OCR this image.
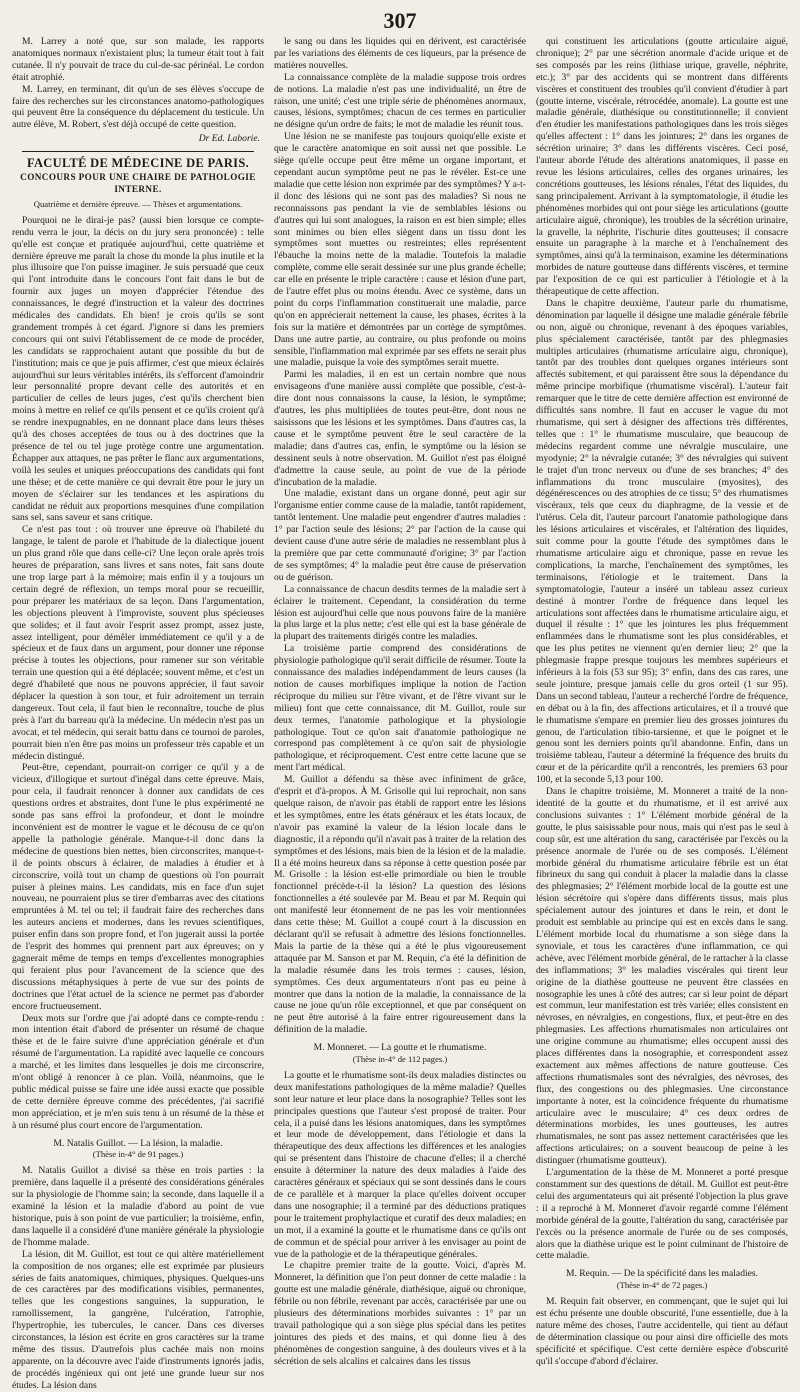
307

M. Larrey a noté que, sur son malade, les rapports anatomiques normaux n'existaient plus; la tumeur était tout à fait cutanée. Il n'y pouvait de trace du cul-de-sac périnéal. Le cordon était atrophié.

M. Larrey, en terminant, dit qu'un de ses élèves s'occupe de faire des recherches sur les circonstances anatomo-pathologiques qui peuvent être la conséquence du déplacement du testicule. Un autre élève, M. Robert, s'est déjà occupé de cette question.

Dr Ed. Laborie.
FACULTÉ DE MÉDECINE DE PARIS.
CONCOURS POUR UNE CHAIRE DE PATHOLOGIE INTERNE.
Quatrième et dernière épreuve. — Thèses et argumentations.

Pourquoi ne le dirai-je pas? (aussi bien lorsque ce compte-rendu verra le jour, la décis on du jury sera prononcée) : telle qu'elle est conçue et pratiquée aujourd'hui, cette quatrième et dernière épreuve me paraît la chose du monde la plus inutile et la plus illusoire que l'on puisse imaginer. Je suis persuadé que ceux qui l'ont introduite dans le concours l'ont fait dans le but de fournir aux juges un moyen d'apprécier l'étendue des connaissances, le degré d'instruction et la valeur des doctrines médicales des candidats. Eh bien! je crois qu'ils se sont grandement trompés à cet égard. J'ignore si dans les premiers concours qui ont suivi l'établissement de ce mode de procéder, les candidats se rapprochaient autant que possible du but de l'institution; mais ce que je puis affirmer, c'est que mieux éclairés aujourd'hui sur leurs véritables intérêts, ils s'efforcent d'amoindrir leur personnalité propre devant celle des autorités et en particulier de celles de leurs juges, c'est qu'ils cherchent bien moins à mettre en relief ce qu'ils pensent et ce qu'ils croient qu'à se rendre inexpugnables, en ne donnant place dans leurs thèses qu'à des choses acceptées de tous ou à des doctrines que la présence de tel ou tel juge protège contre une argumentation. Échapper aux attaques, ne pas prêter le flanc aux argumentations, voilà les seules et uniques préoccupations des candidats qui font une thèse; et de cette manière ce qui devrait être pour le jury un moyen de s'éclairer sur les tendances et les aspirations du candidat ne réduit aux proportions mesquines d'une compilation sans sel, sans saveur et sans critique.

Ce n'est pas tout : où trouver une épreuve où l'habileté du langage, le talent de parole et l'habitude de la dialectique jouent un plus grand rôle que dans celle-ci? Une leçon orale après trois heures de préparation, sans livres et sans notes, fait sans doute une trop large part à la mémoire; mais enfin il y a toujours un certain degré de réflexion, un temps moral pour se recueillir, pour préparer les matériaux de sa leçon. Dans l'argumentation, les objections pleuvent à l'improviste, souvent plus spécieuses que solides; et il faut avoir l'esprit assez prompt, assez juste, assez intelligent, pour démêler immédiatement ce qu'il y a de spécieux et de faux dans un argument, pour donner une réponse précise à toutes les objections, pour ramener sur son véritable terrain une question qui a été déplacée; souvent même, et c'est un degré d'habileté que nous ne pouvons apprécier, il faut savoir déplacer la question à son tour, et fuir adroitement un terrain dangereux. Tout cela, il faut bien le reconnaître, touche de plus près à l'art du barreau qu'à la médecine. Un médecin n'est pas un avocat, et tel médecin, qui serait battu dans ce tournoi de paroles, pourrait bien n'en être pas moins un professeur très capable et un médecin distingué.

Peut-être, cependant, pourrait-on corriger ce qu'il y a de vicieux, d'illogique et surtout d'inégal dans cette épreuve. Mais, pour cela, il faudrait renoncer à donner aux candidats de ces questions ordres et abstraites, dont l'une le plus expérimenté ne sonde pas sans effroi la profondeur, et dont le moindre inconvénient est de montrer le vague et le décousu de ce qu'on appelle la pathologie générale. Manque-t-il donc dans la médecine de questions bien nettes, bien circonscrites, manque-t-il de points obscurs à éclairer, de maladies à étudier et à circonscrire, voilà tout un champ de questions où l'on pourrait puiser à pleines mains. Les candidats, mis en face d'un sujet nouveau, ne pourraient plus se tirer d'embarras avec des citations empruntées à M. tel ou tel; il faudrait faire des recherches dans les auteurs anciens et modernes, dans les revues scientifiques, puiser enfin dans son propre fond, et l'on jugerait aussi la portée de l'esprit des hommes qui prennent part aux épreuves; on y gagnerait même de temps en temps d'excellentes monographies qui feraient plus pour l'avancement de la science que des discussions métaphysiques à perte de vue sur des points de doctrines que l'état actuel de la science ne permet pas d'aborder encore fructueusement.

Deux mots sur l'ordre que j'ai adopté dans ce compte-rendu : mon intention était d'abord de présenter un résumé de chaque thèse et de le faire suivre d'une appréciation générale et d'un résumé de l'argumentation. La rapidité avec laquelle ce concours a marché, et les limites dans lesquelles je dois me circonscrire, m'ont obligé à renoncer à ce plan. Voilà, néanmoins, que le public médical puisse se faire une idée aussi exacte que possible de cette dernière épreuve comme des précédentes, j'ai sacrifié mon appréciation, et je m'en suis tenu à un résumé de la thèse et à un résumé plus court encore de l'argumentation.

M. Natalis Guillot. — La lésion, la maladie.
(Thèse in-4° de 91 pages.)

M. Natalis Guillot a divisé sa thèse en trois parties : la première, dans laquelle il a présenté des considérations générales sur la physiologie de l'homme sain; la seconde, dans laquelle il a examiné la lésion et la maladie d'abord au point de vue historique, puis à son point de vue particulier; la troisième, enfin, dans laquelle il a considéré d'une manière générale la physiologie de l'homme malade.

La lésion, dit M. Guillot, est tout ce qui altère matériellement la composition de nos organes; elle est exprimée par plusieurs séries de faits anatomiques, chimiques, physiques. Quelques-uns de ces caractères par des modifications visibles, permanentes, telles que les congestions sanguines, la suppuration, le ramollissement, la gangrène, l'ulcération, l'atrophie, l'hypertrophie, les tubercules, le cancer. Dans ces diverses circonstances, la lésion est écrite en gros caractères sur la trame même des tissus. D'autrefois plus cachée mais non moins apparente, on la découvre avec l'aide d'instruments ignorés jadis, de procédés ingénieux qui ont jeté une grande lueur sur nos études. La lésion dans

le sang ou dans les liquides qui en dérivent, est caractérisée par les variations des éléments de ces liqueurs, par la présence de matières nouvelles.

La connaissance complète de la maladie suppose trois ordres de notions. La maladie n'est pas une individualité, un être de raison, une unité; c'est une triple série de phénomènes anormaux, causes, lésions, symptômes; chacun de ces termes en particulier ne désigne qu'un ordre de faits; le mot de maladie les réunit tous.

Une lésion ne se manifeste pas toujours quoiqu'elle existe et que le caractère anatomique en soit aussi net que possible. Le siège qu'elle occupe peut être même un organe important, et cependant aucun symptôme peut ne pas le révéler. Est-ce une maladie que cette lésion non exprimée par des symptômes? Y a-t-il donc des lésions qui ne sont pas des maladies? Si nous ne reconnaissons pas pendant la vie de semblables lésions ou d'autres qui lui sont analogues, la raison en est bien simple; elles sont minimes ou bien elles siègent dans un tissu dont les symptômes sont muettes ou restreintes; elles représentent l'ébauche la moins nette de la maladie. Toutefois la maladie complète, comme elle serait dessinée sur une plus grande échelle; car elle en présente le triple caractère : cause et lésion d'une part, de l'autre effet plus ou moins étendu. Avec ce système, dans un point du corps l'inflammation constituerait une maladie, parce qu'on en apprécierait nettement la cause, les phases, écrites à la fois sur la matière et démontrées par un cortège de symptômes. Dans une autre partie, au contraire, ou plus profonde ou moins sensible, l'inflammation mal exprimée par ses effets ne serait plus une maladie, puisque la voie des symptômes serait muette.

Parmi les maladies, il en est un certain nombre que nous envisageons d'une manière aussi complète que possible, c'est-à-dire dont nous connaissons la cause, la lésion, le symptôme; d'autres, les plus multipliées de toutes peut-être, dont nous ne saisissons que les lésions et les symptômes. Dans d'autres cas, la cause et le symptôme peuvent être le seul caractère de la maladie; dans d'autres cas, enfin, le symptôme ou la lésion se dessinent seuls à notre observation. M. Guillot n'est pas éloigné d'admettre la cause seule, au point de vue de la période d'incubation de la maladie.

Une maladie, existant dans un organe donné, peut agir sur l'organisme entier comme cause de la maladie, tantôt rapidement, tantôt lentement. Une maladie peut engendrer d'autres maladies : 1° par l'action seule des lésions; 2° par l'action de la cause qui devient cause d'une autre série de maladies ne ressemblant plus à la première que par cette communauté d'origine; 3° par l'action de ses symptômes; 4° la maladie peut être cause de préservation ou de guérison.

La connaissance de chacun desdits termes de la maladie sert à éclairer le traitement. Cependant, la considération du terme lésion est aujourd'hui celle que nous pouvons faire de la manière la plus large et la plus nette; c'est elle qui est la base générale de la plupart des traitements dirigés contre les maladies.

La troisième partie comprend des considérations de physiologie pathologique qu'il serait difficile de résumer. Toute la connaissance des maladies indépendamment de leurs causes (la notion de causes morbifiques implique la notion de l'action réciproque du milieu sur l'être vivant, et de l'être vivant sur le milieu) font que cette connaissance, dit M. Guillot, roule sur deux termes, l'anatomie pathologique et la physiologie pathologique. Tout ce qu'on sait d'anatomie pathologique ne correspond pas complètement à ce qu'on sait de physiologie pathologique, et réciproquement. C'est entre cette lacune que se ment l'art médical.

M. Guillot a défendu sa thèse avec infiniment de grâce, d'esprit et d'à-propos. À M. Grisolle qui lui reprochait, non sans quelque raison, de n'avoir pas établi de rapport entre les lésions et les symptômes, entre les états généraux et les états locaux, de n'avoir pas examiné la valeur de la lésion locale dans le diagnostic, il a répondu qu'il n'avait pas à traiter de la relation des symptômes et des lésions, mais bien de la lésion et de la maladie. Il a été moins heureux dans sa réponse à cette question posée par M. Grisolle : la lésion est-elle primordiale ou bien le trouble fonctionnel précède-t-il la lésion? La question des lésions fonctionnelles a été soulevée par M. Beau et par M. Requin qui ont manifesté leur étonnement de ne pas les voir mentionnées dans cette thèse; M. Guillot a coupé court à la discussion en déclarant qu'il se refusait à admettre des lésions fonctionnelles. Mais la partie de la thèse qui a été le plus vigoureusement attaquée par M. Sanson et par M. Requin, c'a été la définition de la maladie résumée dans les trois termes : causes, lésion, symptômes. Ces deux argumentateurs n'ont pas eu peine à montrer que dans la notion de la maladie, la connaissance de la cause ne joue qu'un rôle exceptionnel, et que par conséquent on ne peut être autorisé à la faire entrer rigoureusement dans la définition de la maladie.

M. Monneret. — La goutte et le rhumatisme.
(Thèse in-4° de 112 pages.)

La goutte et le rhumatisme sont-ils deux maladies distinctes ou deux manifestations pathologiques de la même maladie? Quelles sont leur nature et leur place dans la nosographie? Telles sont les principales questions que l'auteur s'est proposé de traiter. Pour cela, il a puisé dans les lésions anatomiques, dans les symptômes et leur mode de développement, dans l'étiologie et dans la thérapeutique des deux affections les différences et les analogies qui se présentent dans l'histoire de chacune d'elles; il a cherché ensuite à déterminer la nature des deux maladies à l'aide des caractères généraux et spéciaux qui se sont dessinés dans le cours de ce parallèle et à marquer la place qu'elles doivent occuper dans une nosographie; il a terminé par des déductions pratiques pour le traitement prophylactique et curatif des deux maladies; en un mot, il a examiné la goutte et le rhumatisme dans ce qu'ils ont de commun et de spécial pour arriver à les envisager au point de vue de la pathologie et de la thérapeutique générales.

Le chapitre premier traite de la goutte. Voici, d'après M. Monneret, la définition que l'on peut donner de cette maladie : la goutte est une maladie générale, diathésique, aiguë ou chronique, fébrile ou non fébrile, revenant par accès, caractérisée par une ou plusieurs des déterminations morbides suivantes : 1° par un travail pathologique qui a son siège plus spécial dans les petites jointures des pieds et des mains, et qui donne lieu à des phénomènes de congestion sanguine, à des douleurs vives et à la sécrétion de sels alcalins et calcaires dans les tissus

qui constituent les articulations (goutte articulaire aiguë, chronique); 2° par une sécrétion anormale d'acide urique et de ses composés par les reins (lithiase urique, gravelle, néphrite, etc.); 3° par des accidents qui se montrent dans différents viscères et constituent des troubles qu'il convient d'étudier à part (goutte interne, viscérale, rétrocédée, anomale). La goutte est une maladie générale, diathésique ou constitutionnelle; il convient d'en étudier les manifestations pathologiques dans les trois sièges qu'elles affectent : 1° dans les jointures; 2° dans les organes de sécrétion urinaire; 3° dans les différents viscères. Ceci posé, l'auteur aborde l'étude des altérations anatomiques, il passe en revue les lésions articulaires, celles des organes urinaires, les concrétions goutteuses, les lésions rénales, l'état des liquides, du sang principalement. Arrivant à la symptomatologie, il étudie les phénomènes morbides qui ont pour siège les articulations (goutte articulaire aiguë, chronique), les troubles de la sécrétion urinaire, la gravelle, la néphrite, l'ischurie dites goutteuses; il consacre ensuite un paragraphe à la marche et à l'enchaînement des symptômes, ainsi qu'à la terminaison, examine les déterminations morbides de nature goutteuse dans différents viscères, et termine par l'exposition de ce qui est particulier à l'étiologie et à la thérapeutique de cette affection.

Dans le chapitre deuxième, l'auteur parle du rhumatisme, dénomination par laquelle il désigne une maladie générale fébrile ou non, aiguë ou chronique, revenant à des époques variables, plus spécialement caractérisée, tantôt par des phlegmasies multiples articulaires (rhumatisme articulaire aigu, chronique), tantôt par des troubles dont quelques organes intérieurs sont affectés subitement, et qui paraissent être sous la dépendance du même principe morbifique (rhumatisme viscéral). L'auteur fait remarquer que le titre de cette dernière affection est environné de difficultés sans nombre. Il faut en accuser le vague du mot rhumatisme, qui sert à désigner des affections très différentes, telles que : 1° le rhumatisme musculaire, que beaucoup de médecins regardent comme une névralgie musculaire, une myodynie; 2° la névralgie cutanée; 3° des névralgies qui suivent le trajet d'un tronc nerveux ou d'une de ses branches; 4° des inflammations du tronc musculaire (myosites), des dégénérescences ou des atrophies de ce tissu; 5° des rhumatismes viscéraux, tels que ceux du diaphragme, de la vessie et de l'utérus. Cela dit, l'auteur parcourt l'anatomie pathologique dans les lésions articulaires et viscérales, et l'altération des liquides, suit comme pour la goutte l'étude des symptômes dans le rhumatisme articulaire aigu et chronique, passe en revue les complications, la marche, l'enchaînement des symptômes, les terminaisons, l'étiologie et le traitement. Dans la symptomatologie, l'auteur a inséré un tableau assez curieux destiné à montrer l'ordre de fréquence dans lequel les articulations sont affectées dans le rhumatisme articulaire aigu, et duquel il résulte : 1° que les jointures les plus fréquemment enflammées dans le rhumatisme sont les plus considérables, et que les plus petites ne viennent qu'en dernier lieu; 2° que la phlegmasie frappe presque toujours les membres supérieurs et inférieurs à la fois (53 sur 95); 3° enfin, dans des cas rares, une seule jointure, presque jamais celle du gros orteil (1 sur 95). Dans un second tableau, l'auteur a recherché l'ordre de fréquence, en débat ou à la fin, des affections articulaires, et il a trouvé que le rhumatisme s'empare en premier lieu des grosses jointures du genou, de l'articulation tibio-tarsienne, et que le poignet et le genou sont les derniers points qu'il abandonne. Enfin, dans un troisième tableau, l'auteur a déterminé la fréquence des bruits du cœur et de la péricardite qu'il a rencontrés, les premiers 63 pour 100, et la seconde 5,13 pour 100.

Dans le chapitre troisième, M. Monneret a traité de la non-identité de la goutte et du rhumatisme, et il est arrivé aux conclusions suivantes : 1° L'élément morbide général de la goutte, le plus saisissable pour nous, mais qui n'est pas le seul à coup sûr, est une altération du sang, caractérisée par l'excès ou la présence anormale de l'urée ou de ses composés. L'élément morbide général du rhumatisme articulaire fébrile est un état fibrineux du sang qui conduit à placer la maladie dans la classe des phlegmasies; 2° l'élément morbide local de la goutte est une lésion sécrétoire qui s'opère dans différents tissus, mais plus spécialement autour des jointures et dans le rein, et dont le produit est semblable au principe qui est en excès dans le sang. L'élément morbide local du rhumatisme a son siège dans la synoviale, et tous les caractères d'une inflammation, ce qui achève, avec l'élément morbide général, de le rattacher à la classe des inflammations; 3° les maladies viscérales qui tirent leur origine de la diathèse goutteuse ne peuvent être classées en nosographie les unes à côté des autres; car si leur point de départ est commun, leur manifestation est très variée; elles consistent en névroses, en névralgies, en congestions, flux, et peut-être en des phlegmasies. Les affections rhumatismales non articulaires ont une origine commune au rhumatisme; elles occupent aussi des places différentes dans la nosographie, et correspondent assez exactement aux mêmes affections de nature goutteuse. Ces affections rhumatismales sont des névralgies, des névroses, des flux, des congestions ou des phlegmasies. Une circonstance importante à noter, est la coïncidence fréquente du rhumatisme articulaire avec le musculaire; 4° ces deux ordres de déterminations morbides, les unes goutteuses, les autres rhumatismales, ne sont pas assez nettement caractérisées que les affections articulaires; on a souvent beaucoup de peine à les distinguer (rhumatisme goutteux).

L'argumentation de la thèse de M. Monneret a porté presque constamment sur des questions de détail. M. Guillot est peut-être celui des argumentateurs qui ait présenté l'objection la plus grave : il a reproché à M. Monneret d'avoir regardé comme l'élément morbide général de la goutte, l'altération du sang, caractérisée par l'excès ou la présence anormale de l'urée ou de ses composés, alors que la diathèse urique est le point culminant de l'histoire de cette maladie.

M. Requin. — De la spécificité dans les maladies.
(Thèse in-4° de 72 pages.)

M. Requin fait observer, en commençant, que le sujet qui lui est échu présente une double obscurité, l'une essentielle, due à la nature même des choses, l'autre accidentelle, qui tient au défaut de détermination classique ou pour ainsi dire officielle des mots spécificité et spécifique. C'est cette dernière espèce d'obscurité qu'il s'occupe d'abord d'éclairer.
